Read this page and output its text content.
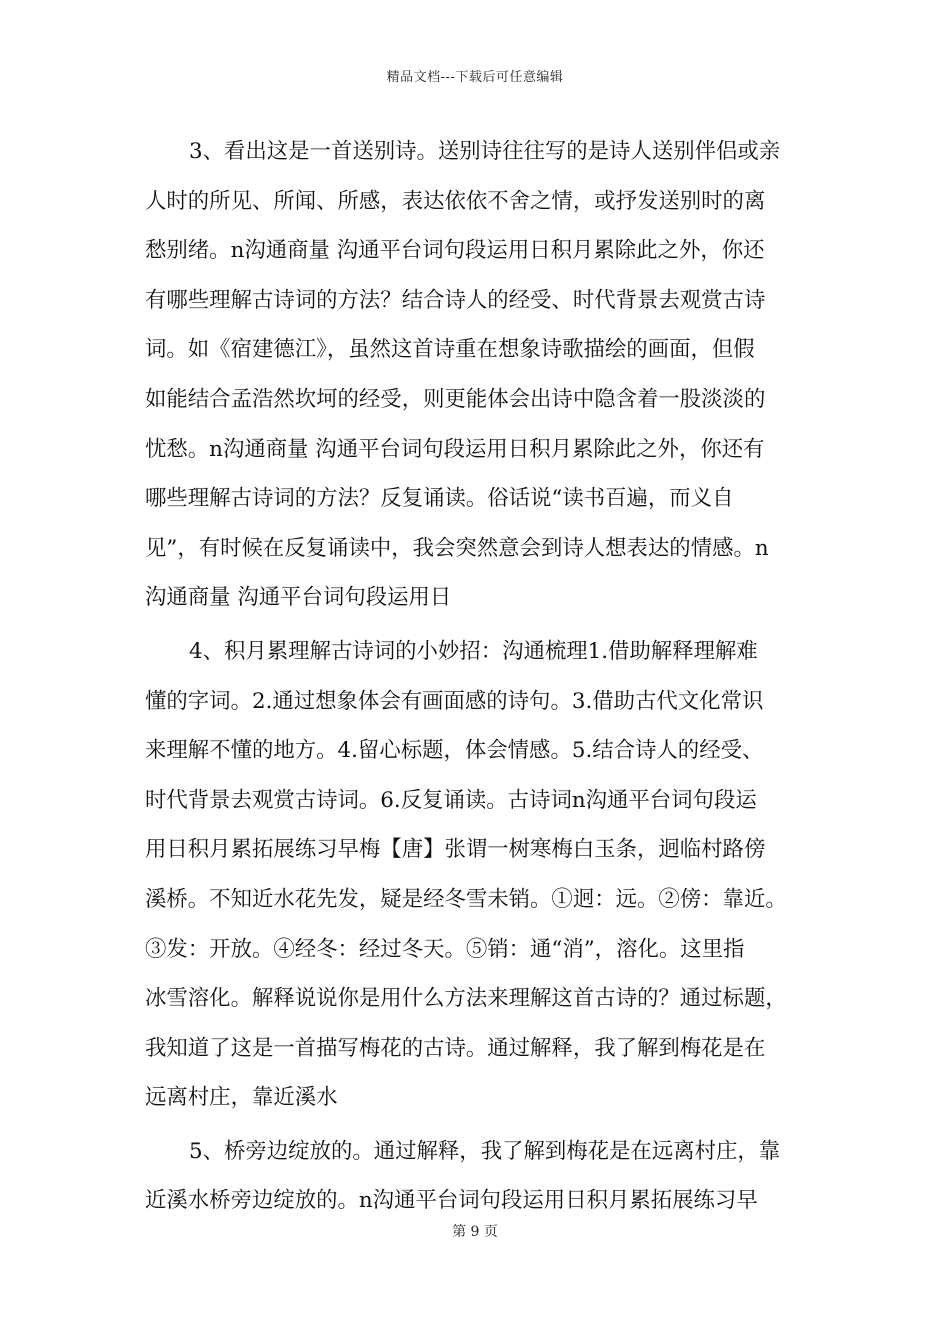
精品文档---下载后可任意编辑
3、看出这是一首送别诗。送别诗往往写的是诗人送别伴侣或亲
人时的所见、所闻、所感，表达依依不舍之情，或抒发送别时的离
愁别绪。n沟通商量 沟通平台词句段运用日积月累除此之外，你还
有哪些理解古诗词的方法？结合诗人的经受、时代背景去观赏古诗
词。如《宿建德江》，虽然这首诗重在想象诗歌描绘的画面，但假
如能结合孟浩然坎坷的经受，则更能体会出诗中隐含着一股淡淡的
忧愁。n沟通商量 沟通平台词句段运用日积月累除此之外，你还有
哪些理解古诗词的方法？反复诵读。俗话说“读书百遍，而义自
见”，有时候在反复诵读中，我会突然意会到诗人想表达的情感。n
沟通商量 沟通平台词句段运用日
4、积月累理解古诗词的小妙招：沟通梳理1.借助解释理解难
懂的字词。2.通过想象体会有画面感的诗句。3.借助古代文化常识
来理解不懂的地方。4.留心标题，体会情感。5.结合诗人的经受、
时代背景去观赏古诗词。6.反复诵读。古诗词n沟通平台词句段运
用日积月累拓展练习早梅【唐】张谓一树寒梅白玉条，迥临村路傍
溪桥。不知近水花先发，疑是经冬雪未销。①迥：远。②傍：靠近。
③发：开放。④经冬：经过冬天。⑤销：通“消”，溶化。这里指
冰雪溶化。解释说说你是用什么方法来理解这首古诗的？通过标题，
我知道了这是一首描写梅花的古诗。通过解释，我了解到梅花是在
远离村庄，靠近溪水
5、桥旁边绽放的。通过解释，我了解到梅花是在远离村庄，靠
近溪水桥旁边绽放的。n沟通平台词句段运用日积月累拓展练习早
第 9 页
